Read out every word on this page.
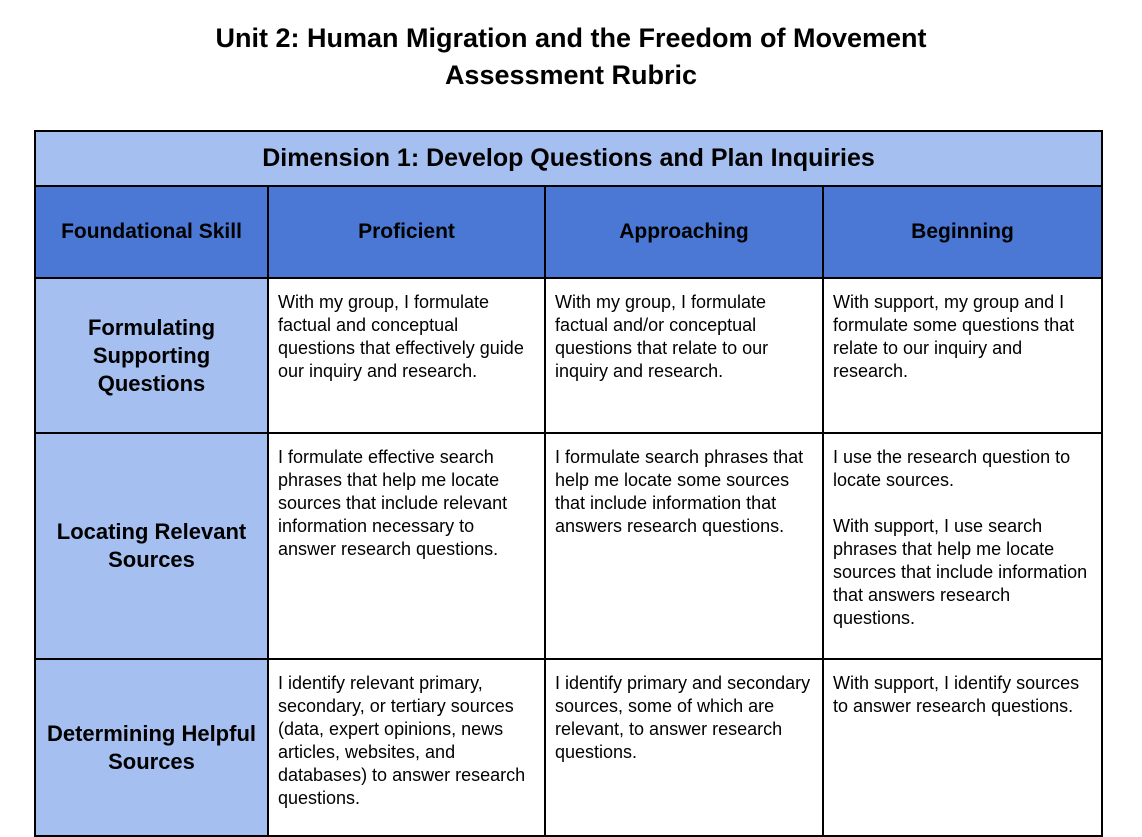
Unit 2: Human Migration and the Freedom of Movement
Assessment Rubric
Dimension 1: Develop Questions and Plan Inquiries			
Foundational Skill	Proficient	Approaching	Beginning
Formulating Supporting Questions	With my group, I formulate factual and conceptual questions that effectively guide our inquiry and research.	With my group, I formulate factual and/or conceptual questions that relate to our inquiry and research.	With support, my group and I formulate some questions that relate to our inquiry and research.

Locating Relevant Sources	I formulate effective search phrases that help me locate sources that include relevant information necessary to answer research questions.	I formulate search phrases that help me locate some sources that include information that answers research questions.	I use the research question to locate sources.

With support, I use search phrases that help me locate sources that include information that answers research questions.

Determining Helpful Sources	I identify relevant primary, secondary, or tertiary sources (data, expert opinions, news articles, websites, and databases) to answer research questions.	I identify primary and secondary sources, some of which are relevant, to answer research questions.	With support, I identify sources to answer research questions.
